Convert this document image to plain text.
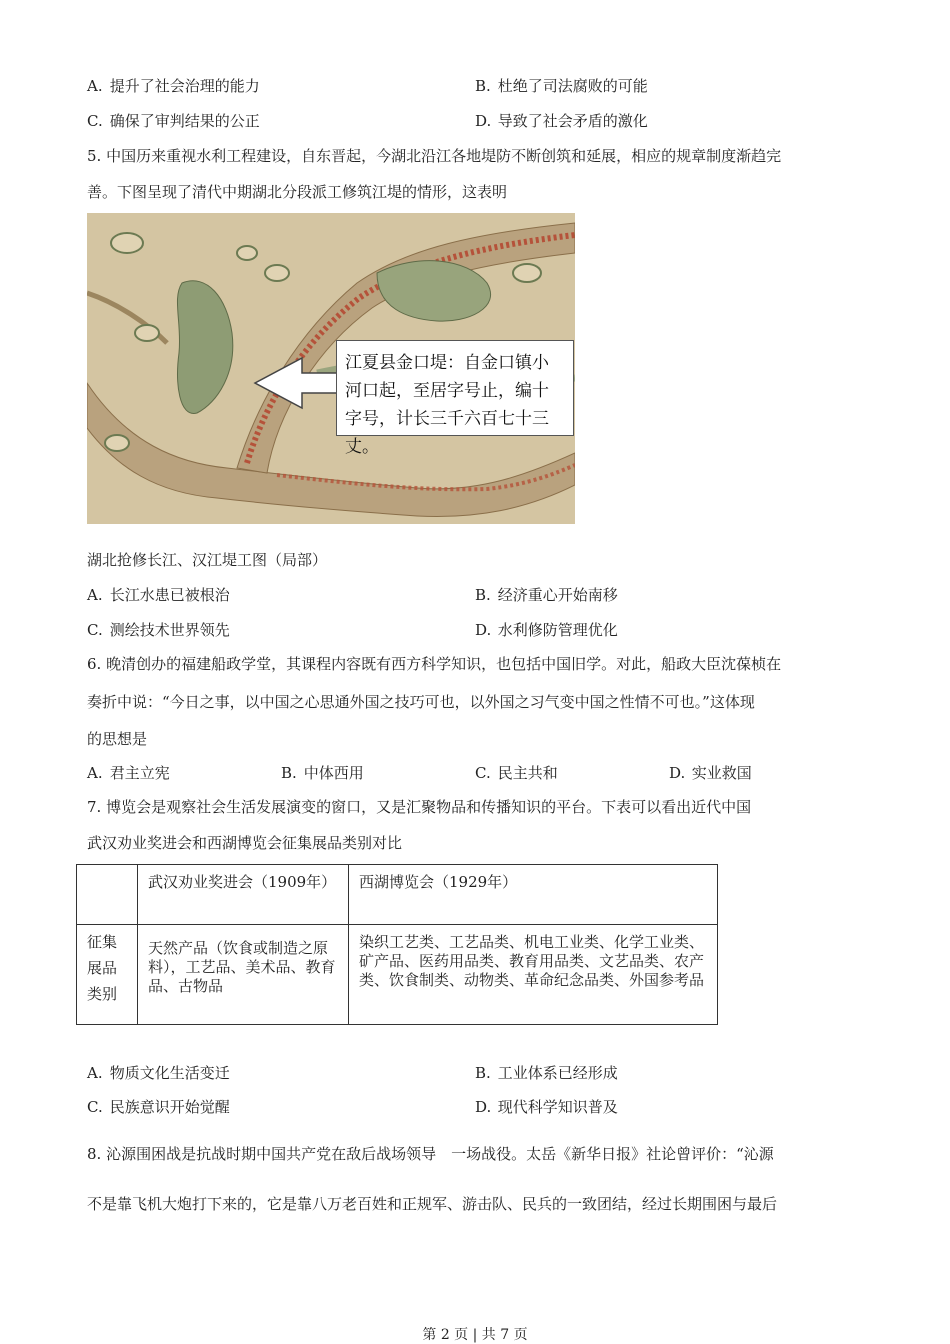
A. 提升了社会治理的能力	B. 杜绝了司法腐败的可能
C. 确保了审判结果的公正	D. 导致了社会矛盾的激化
5. 中国历来重视水利工程建设，自东晋起，今湖北沿江各地堤防不断创筑和延展，相应的规章制度渐趋完
善。下图呈现了清代中期湖北分段派工修筑江堤的情形，这表明
江夏县金口堤：自金口镇小河口起，至居字号止，编十字号，计长三千六百七十三丈。
湖北抢修长江、汉江堤工图（局部）
A. 长江水患已被根治	B. 经济重心开始南移
C. 测绘技术世界领先	D. 水利修防管理优化
6. 晚清创办的福建船政学堂，其课程内容既有西方科学知识，也包括中国旧学。对此，船政大臣沈葆桢在
奏折中说：“今日之事，以中国之心思通外国之技巧可也，以外国之习气变中国之性情不可也。”这体现
的思想是
A. 君主立宪	B. 中体西用	C. 民主共和	D. 实业救国
7. 博览会是观察社会生活发展演变的窗口，又是汇聚物品和传播知识的平台。下表可以看出近代中国
武汉劝业奖进会和西湖博览会征集展品类别对比
	武汉劝业奖进会（1909年）	西湖博览会（1929年）
征集展品类别	天然产品（饮食或制造之原料），工艺品、美术品、教育品、古物品	染织工艺类、工艺品类、机电工业类、化学工业类、矿产品、医药用品类、教育用品类、文艺品类、农产类、饮食制类、动物类、革命纪念品类、外国参考品
A. 物质文化生活变迁	B. 工业体系已经形成
C. 民族意识开始觉醒	D. 现代科学知识普及
8. 沁源围困战是抗战时期中国共产党在敌后战场领导　一场战役。太岳《新华日报》社论曾评价：“沁源
不是靠飞机大炮打下来的，它是靠八万老百姓和正规军、游击队、民兵的一致团结，经过长期围困与最后
第 2 页 | 共 7 页
